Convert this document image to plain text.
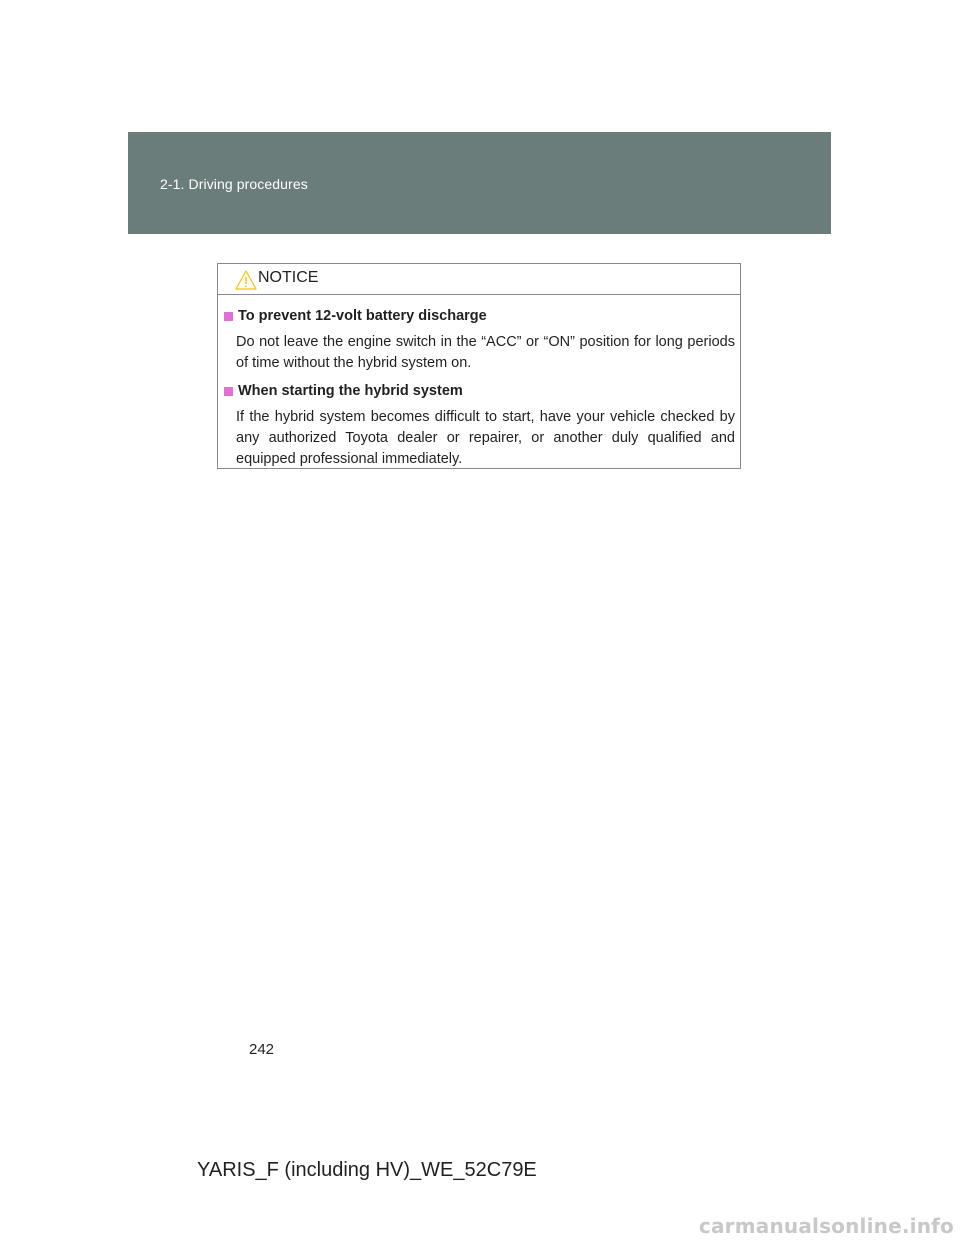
2-1. Driving procedures
NOTICE
To prevent 12-volt battery discharge

Do not leave the engine switch in the “ACC” or “ON” position for long periods of time without the hybrid system on.

When starting the hybrid system

If the hybrid system becomes difficult to start, have your vehicle checked by any authorized Toyota dealer or repairer, or another duly qualified and equipped professional immediately.

242
YARIS_F (including HV)_WE_52C79E
carmanualsonline.info
